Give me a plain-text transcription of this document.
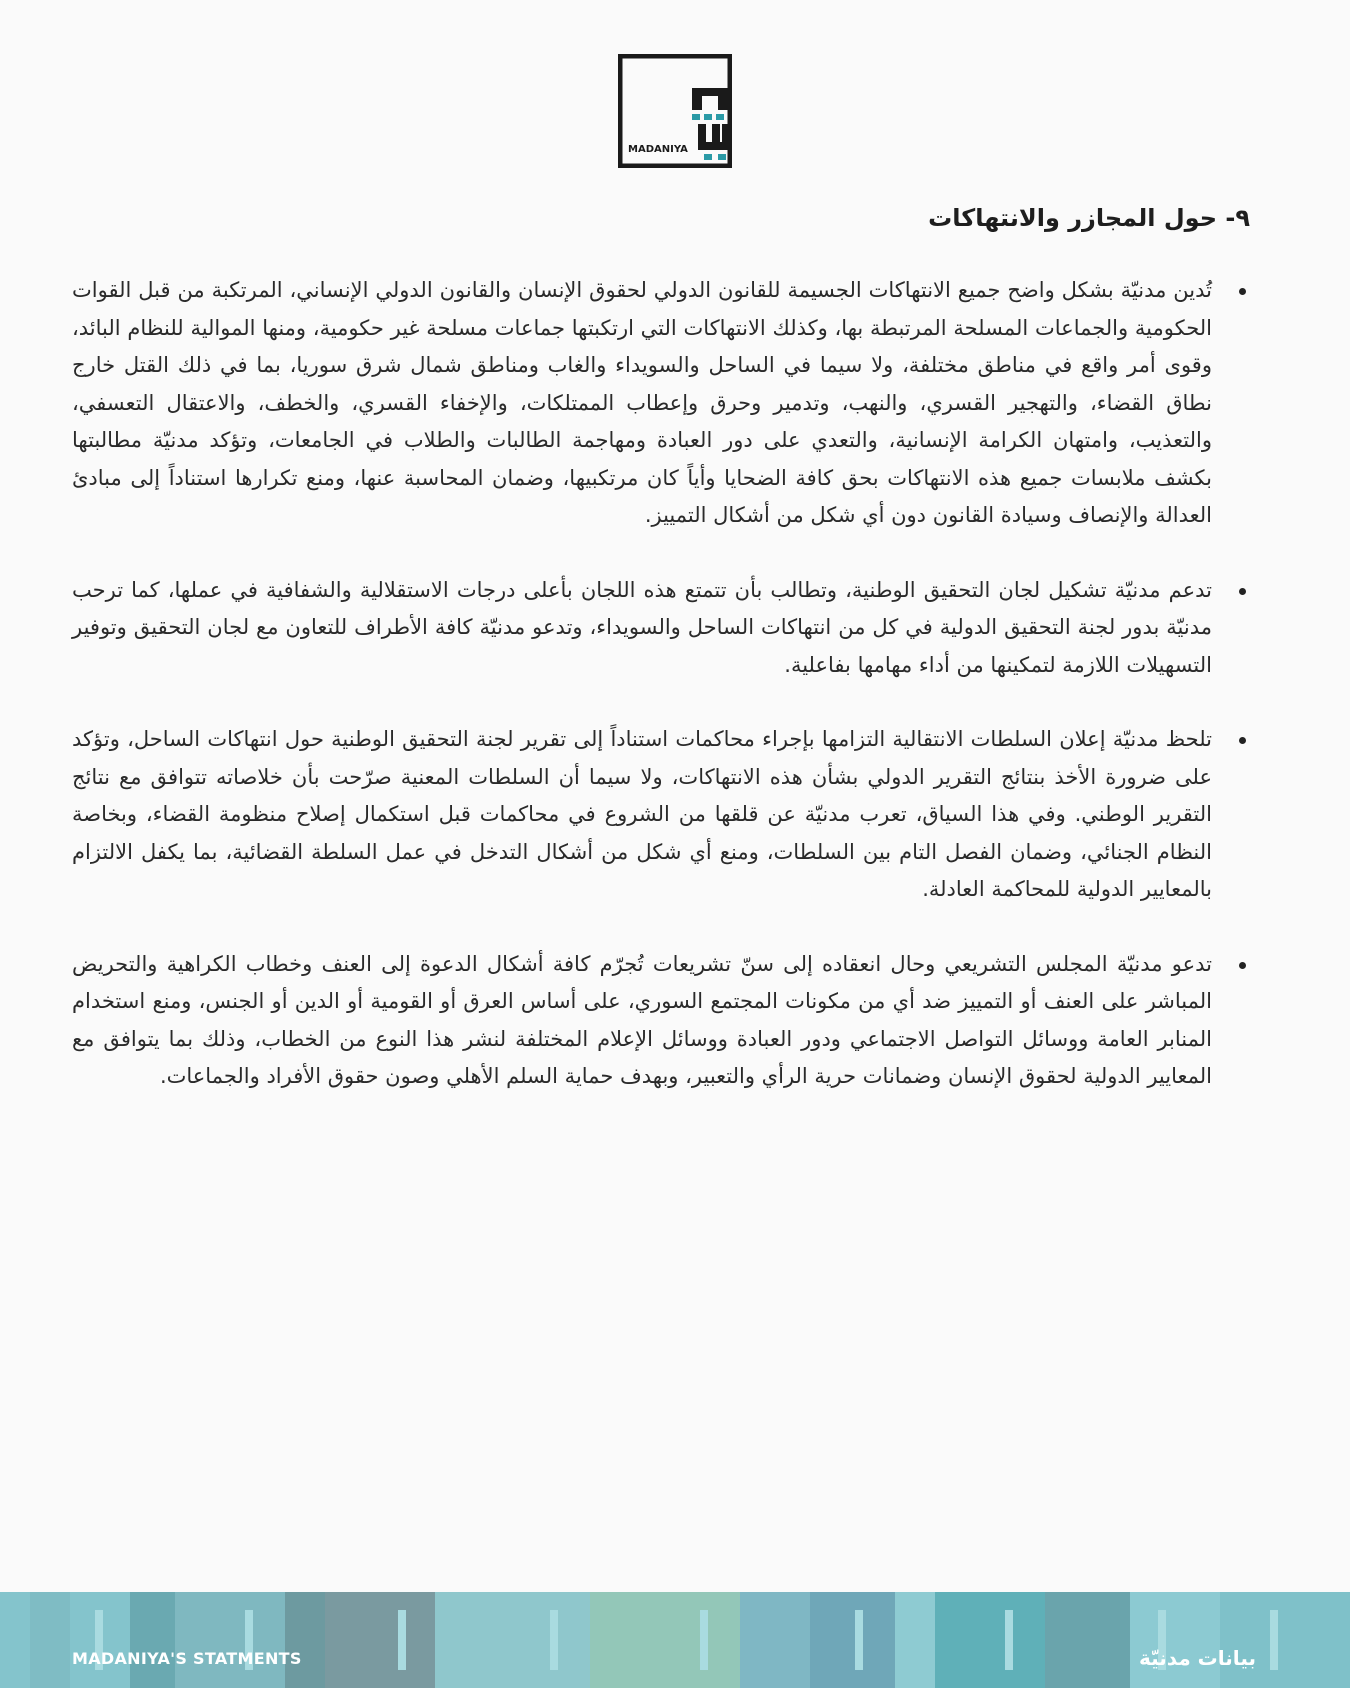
MADANIYA
٩- حول المجازر والانتهاكات
تُدين مدنيّة بشكل واضح جميع الانتهاكات الجسيمة للقانون الدولي لحقوق الإنسان والقانون الدولي الإنساني، المرتكبة من قبل القوات الحكومية والجماعات المسلحة المرتبطة بها، وكذلك الانتهاكات التي ارتكبتها جماعات مسلحة غير حكومية، ومنها الموالية للنظام البائد، وقوى أمر واقع في مناطق مختلفة، ولا سيما في الساحل والسويداء والغاب ومناطق شمال شرق سوريا، بما في ذلك القتل خارج نطاق القضاء، والتهجير القسري، والنهب، وتدمير وحرق وإعطاب الممتلكات، والإخفاء القسري، والخطف، والاعتقال التعسفي، والتعذيب، وامتهان الكرامة الإنسانية، والتعدي على دور العبادة ومهاجمة الطالبات والطلاب في الجامعات، وتؤكد مدنيّة مطالبتها بكشف ملابسات جميع هذه الانتهاكات بحق كافة الضحايا وأياً كان مرتكبيها، وضمان المحاسبة عنها، ومنع تكرارها استناداً إلى مبادئ العدالة والإنصاف وسيادة القانون دون أي شكل من أشكال التمييز.
تدعم مدنيّة تشكيل لجان التحقيق الوطنية، وتطالب بأن تتمتع هذه اللجان بأعلى درجات الاستقلالية والشفافية في عملها، كما ترحب مدنيّة بدور لجنة التحقيق الدولية في كل من انتهاكات الساحل والسويداء، وتدعو مدنيّة كافة الأطراف للتعاون مع لجان التحقيق وتوفير التسهيلات اللازمة لتمكينها من أداء مهامها بفاعلية.
تلحظ مدنيّة إعلان السلطات الانتقالية التزامها بإجراء محاكمات استناداً إلى تقرير لجنة التحقيق الوطنية حول انتهاكات الساحل، وتؤكد على ضرورة الأخذ بنتائج التقرير الدولي بشأن هذه الانتهاكات، ولا سيما أن السلطات المعنية صرّحت بأن خلاصاته تتوافق مع نتائج التقرير الوطني. وفي هذا السياق، تعرب مدنيّة عن قلقها من الشروع في محاكمات قبل استكمال إصلاح منظومة القضاء، وبخاصة النظام الجنائي، وضمان الفصل التام بين السلطات، ومنع أي شكل من أشكال التدخل في عمل السلطة القضائية، بما يكفل الالتزام بالمعايير الدولية للمحاكمة العادلة.
تدعو مدنيّة المجلس التشريعي وحال انعقاده إلى سنّ تشريعات تُجرّم كافة أشكال الدعوة إلى العنف وخطاب الكراهية والتحريض المباشر على العنف أو التمييز ضد أي من مكونات المجتمع السوري، على أساس العرق أو القومية أو الدين أو الجنس، ومنع استخدام المنابر العامة ووسائل التواصل الاجتماعي ودور العبادة ووسائل الإعلام المختلفة لنشر هذا النوع من الخطاب، وذلك بما يتوافق مع المعايير الدولية لحقوق الإنسان وضمانات حرية الرأي والتعبير، وبهدف حماية السلم الأهلي وصون حقوق الأفراد والجماعات.
MADANIYA'S STATMENTS	بيانات مدنيّة
